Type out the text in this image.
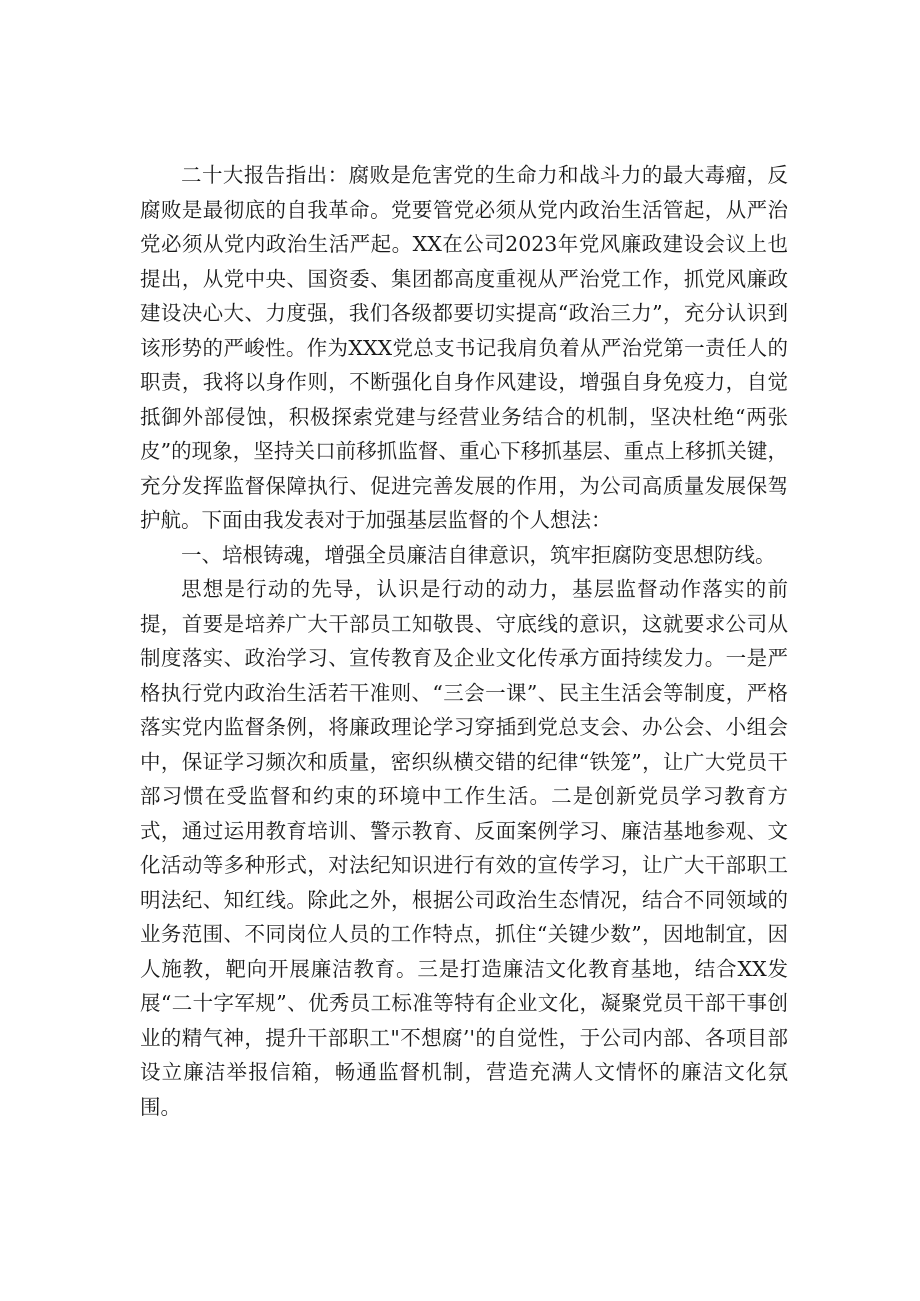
二十大报告指出：腐败是危害党的生命力和战斗力的最大毒瘤，反腐败是最彻底的自我革命。党要管党必须从党内政治生活管起，从严治党必须从党内政治生活严起。XX在公司2023年党风廉政建设会议上也提出，从党中央、国资委、集团都高度重视从严治党工作，抓党风廉政建设决心大、力度强，我们各级都要切实提高“政治三力”，充分认识到该形势的严峻性。作为XXX党总支书记我肩负着从严治党第一责任人的职责，我将以身作则，不断强化自身作风建设，增强自身免疫力，自觉抵御外部侵蚀，积极探索党建与经营业务结合的机制，坚决杜绝“两张皮”的现象，坚持关口前移抓监督、重心下移抓基层、重点上移抓关键，充分发挥监督保障执行、促进完善发展的作用，为公司高质量发展保驾护航。下面由我发表对于加强基层监督的个人想法：

一、培根铸魂，增强全员廉洁自律意识，筑牢拒腐防变思想防线。

思想是行动的先导，认识是行动的动力，基层监督动作落实的前提，首要是培养广大干部员工知敬畏、守底线的意识，这就要求公司从制度落实、政治学习、宣传教育及企业文化传承方面持续发力。一是严格执行党内政治生活若干准则、“三会一课”、民主生活会等制度，严格落实党内监督条例，将廉政理论学习穿插到党总支会、办公会、小组会中，保证学习频次和质量，密织纵横交错的纪律“铁笼”，让广大党员干部习惯在受监督和约束的环境中工作生活。二是创新党员学习教育方式，通过运用教育培训、警示教育、反面案例学习、廉洁基地参观、文化活动等多种形式，对法纪知识进行有效的宣传学习，让广大干部职工明法纪、知红线。除此之外，根据公司政治生态情况，结合不同领域的业务范围、不同岗位人员的工作特点，抓住“关键少数”，因地制宜，因人施教，靶向开展廉洁教育。三是打造廉洁文化教育基地，结合XX发展“二十字军规”、优秀员工标准等特有企业文化，凝聚党员干部干事创业的精气神，提升干部职工"不想腐’'的自觉性，于公司内部、各项目部设立廉洁举报信箱，畅通监督机制，营造充满人文情怀的廉洁文化氛围。
